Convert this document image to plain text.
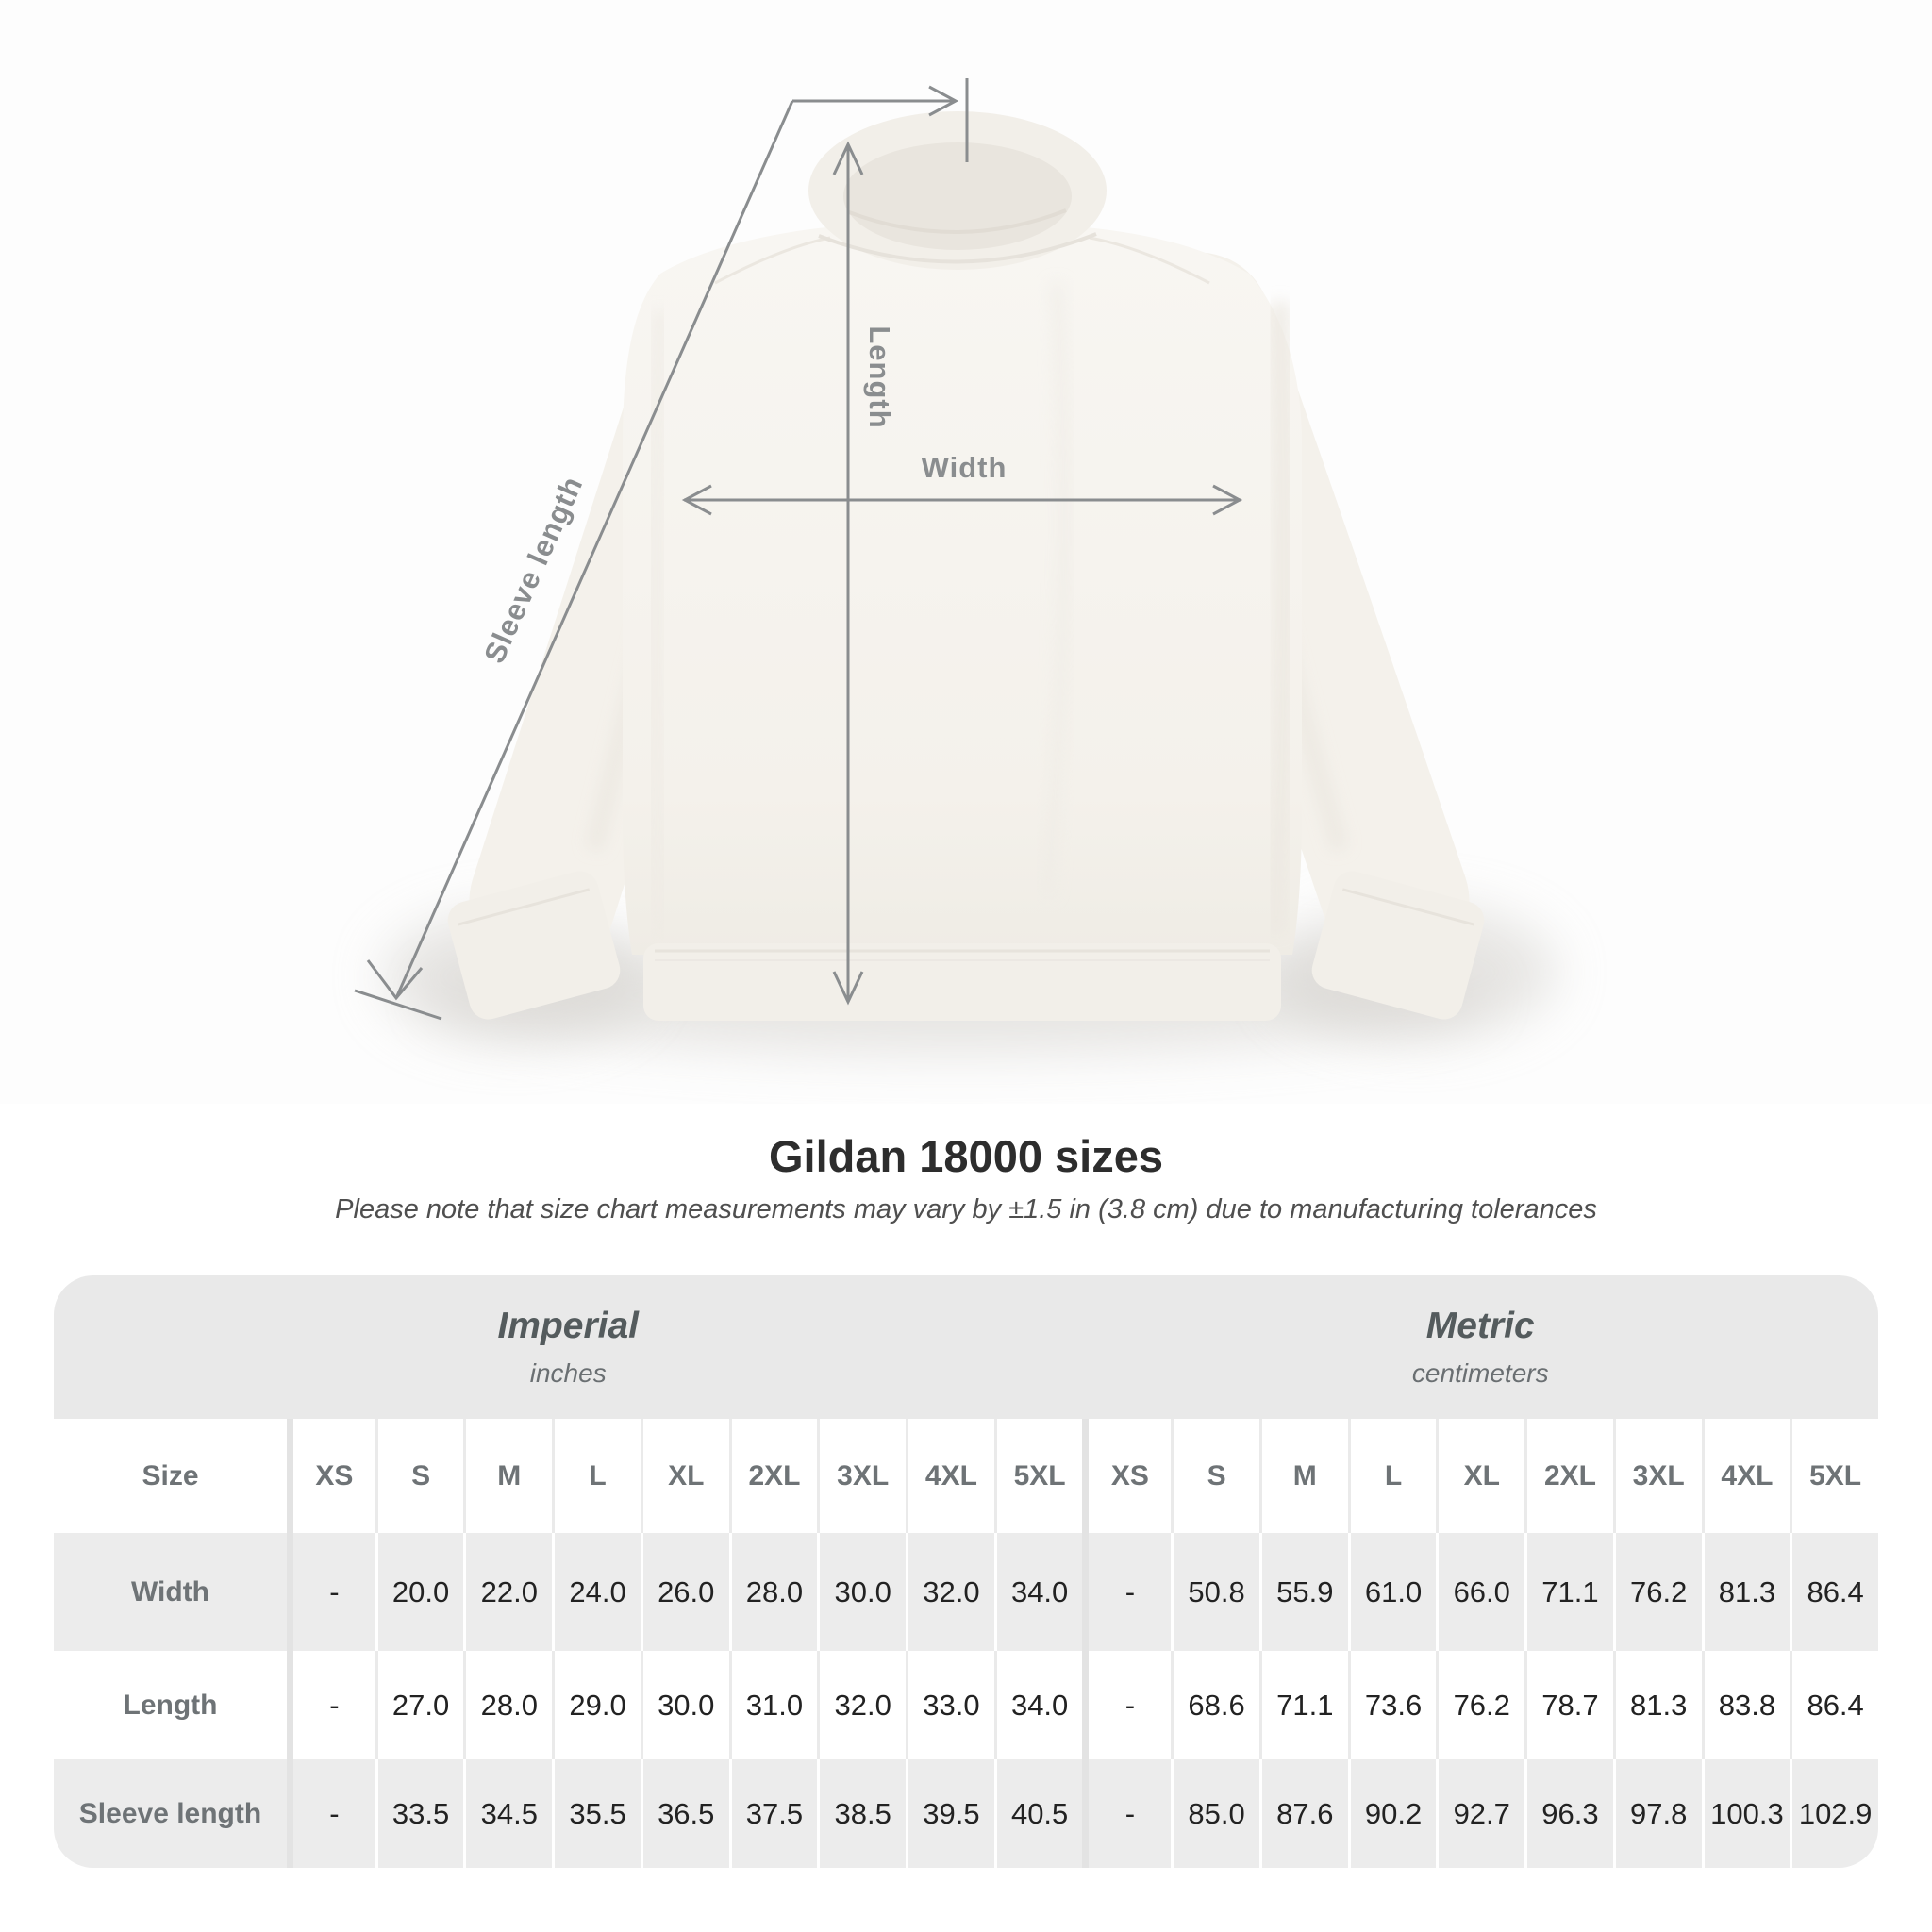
Sleeve length
Length
Width
Gildan 18000 sizes
Please note that size chart measurements may vary by ±1.5 in (3.8 cm) due to manufacturing tolerances
Imperial
inches
Metric
centimeters
Size	XS	S	M	L	XL	2XL	3XL	4XL	5XL	XS	S	M	L	XL	2XL	3XL	4XL	5XL
Width	-	20.0	22.0	24.0	26.0	28.0	30.0	32.0	34.0	-	50.8	55.9	61.0	66.0	71.1	76.2	81.3	86.4
Length	-	27.0	28.0	29.0	30.0	31.0	32.0	33.0	34.0	-	68.6	71.1	73.6	76.2	78.7	81.3	83.8	86.4
Sleeve length	-	33.5	34.5	35.5	36.5	37.5	38.5	39.5	40.5	-	85.0	87.6	90.2	92.7	96.3	97.8 100.3 102.9
